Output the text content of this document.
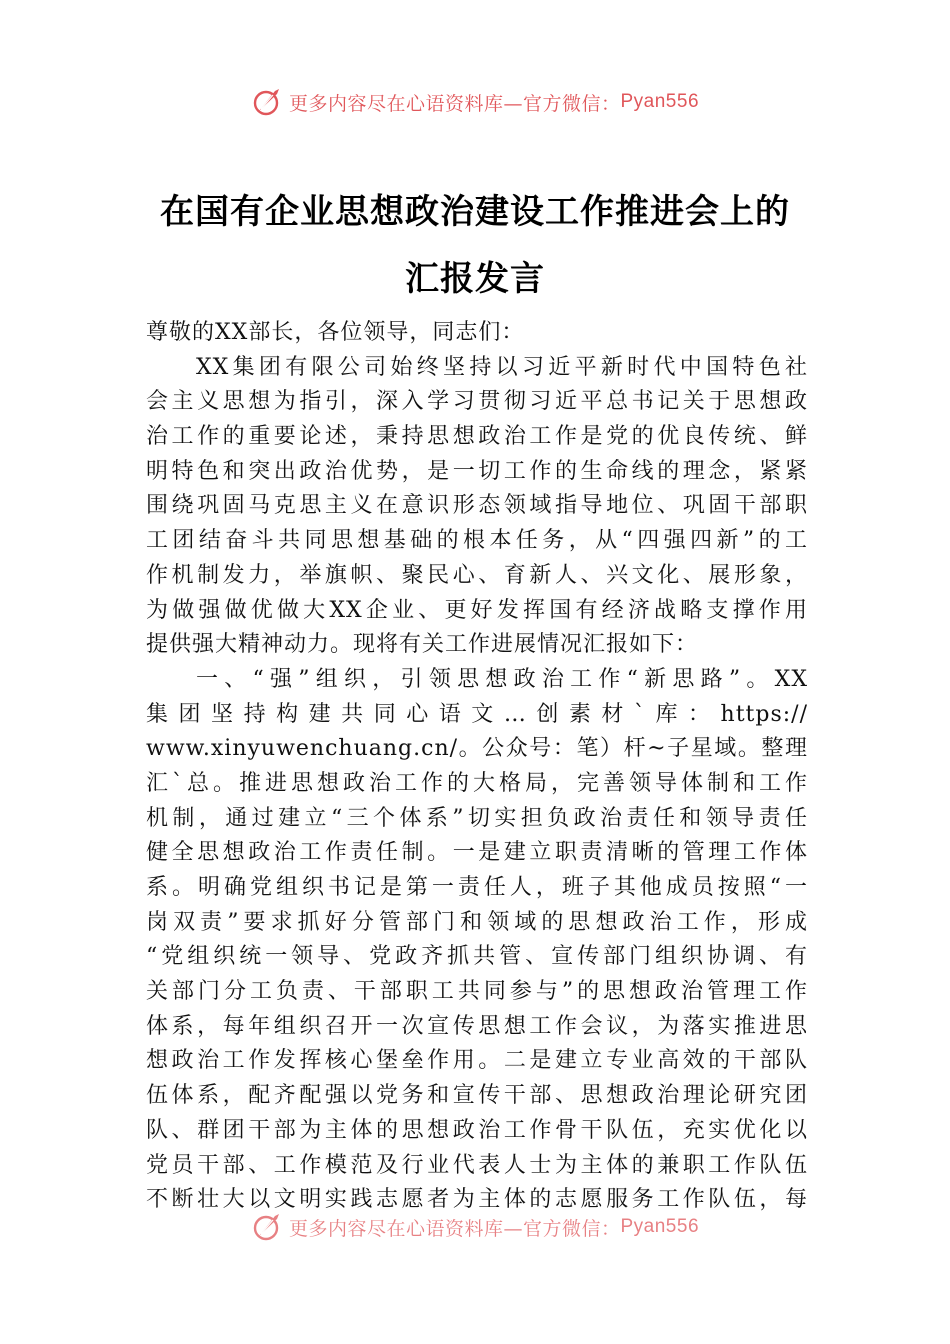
更多内容尽在心语资料库—官方微信： Pyan556
在国有企业思想政治建设工作推进会上的
汇报发言
尊敬的XX部长，各位领导，同志们：
XX集团有限公司始终坚持以习近平新时代中国特色社
会主义思想为指引，深入学习贯彻习近平总书记关于思想政
治工作的重要论述，秉持思想政治工作是党的优良传统、鲜
明特色和突出政治优势，是一切工作的生命线的理念，紧紧
围绕巩固马克思主义在意识形态领域指导地位、巩固干部职
工团结奋斗共同思想基础的根本任务，从“四强四新”的工
作机制发力，举旗帜、聚民心、育新人、兴文化、展形象，
为做强做优做大XX企业、更好发挥国有经济战略支撑作用
提供强大精神动力。现将有关工作进展情况汇报如下：
一、“强”组织，引领思想政治工作“新思路”。XX
集团坚持构建共同心语文…创素材`库：https://
www.xinyuwenchuang.cn/。公众号：笔）杆~子星域。整理
汇`总。推进思想政治工作的大格局，完善领导体制和工作
机制，通过建立“三个体系”切实担负政治责任和领导责任
健全思想政治工作责任制。一是建立职责清晰的管理工作体
系。明确党组织书记是第一责任人，班子其他成员按照“一
岗双责”要求抓好分管部门和领域的思想政治工作，形成
“党组织统一领导、党政齐抓共管、宣传部门组织协调、有
关部门分工负责、干部职工共同参与”的思想政治管理工作
体系，每年组织召开一次宣传思想工作会议，为落实推进思
想政治工作发挥核心堡垒作用。二是建立专业高效的干部队
伍体系，配齐配强以党务和宣传干部、思想政治理论研究团
队、群团干部为主体的思想政治工作骨干队伍，充实优化以
党员干部、工作模范及行业代表人士为主体的兼职工作队伍
不断壮大以文明实践志愿者为主体的志愿服务工作队伍，每
更多内容尽在心语资料库—官方微信： Pyan556
